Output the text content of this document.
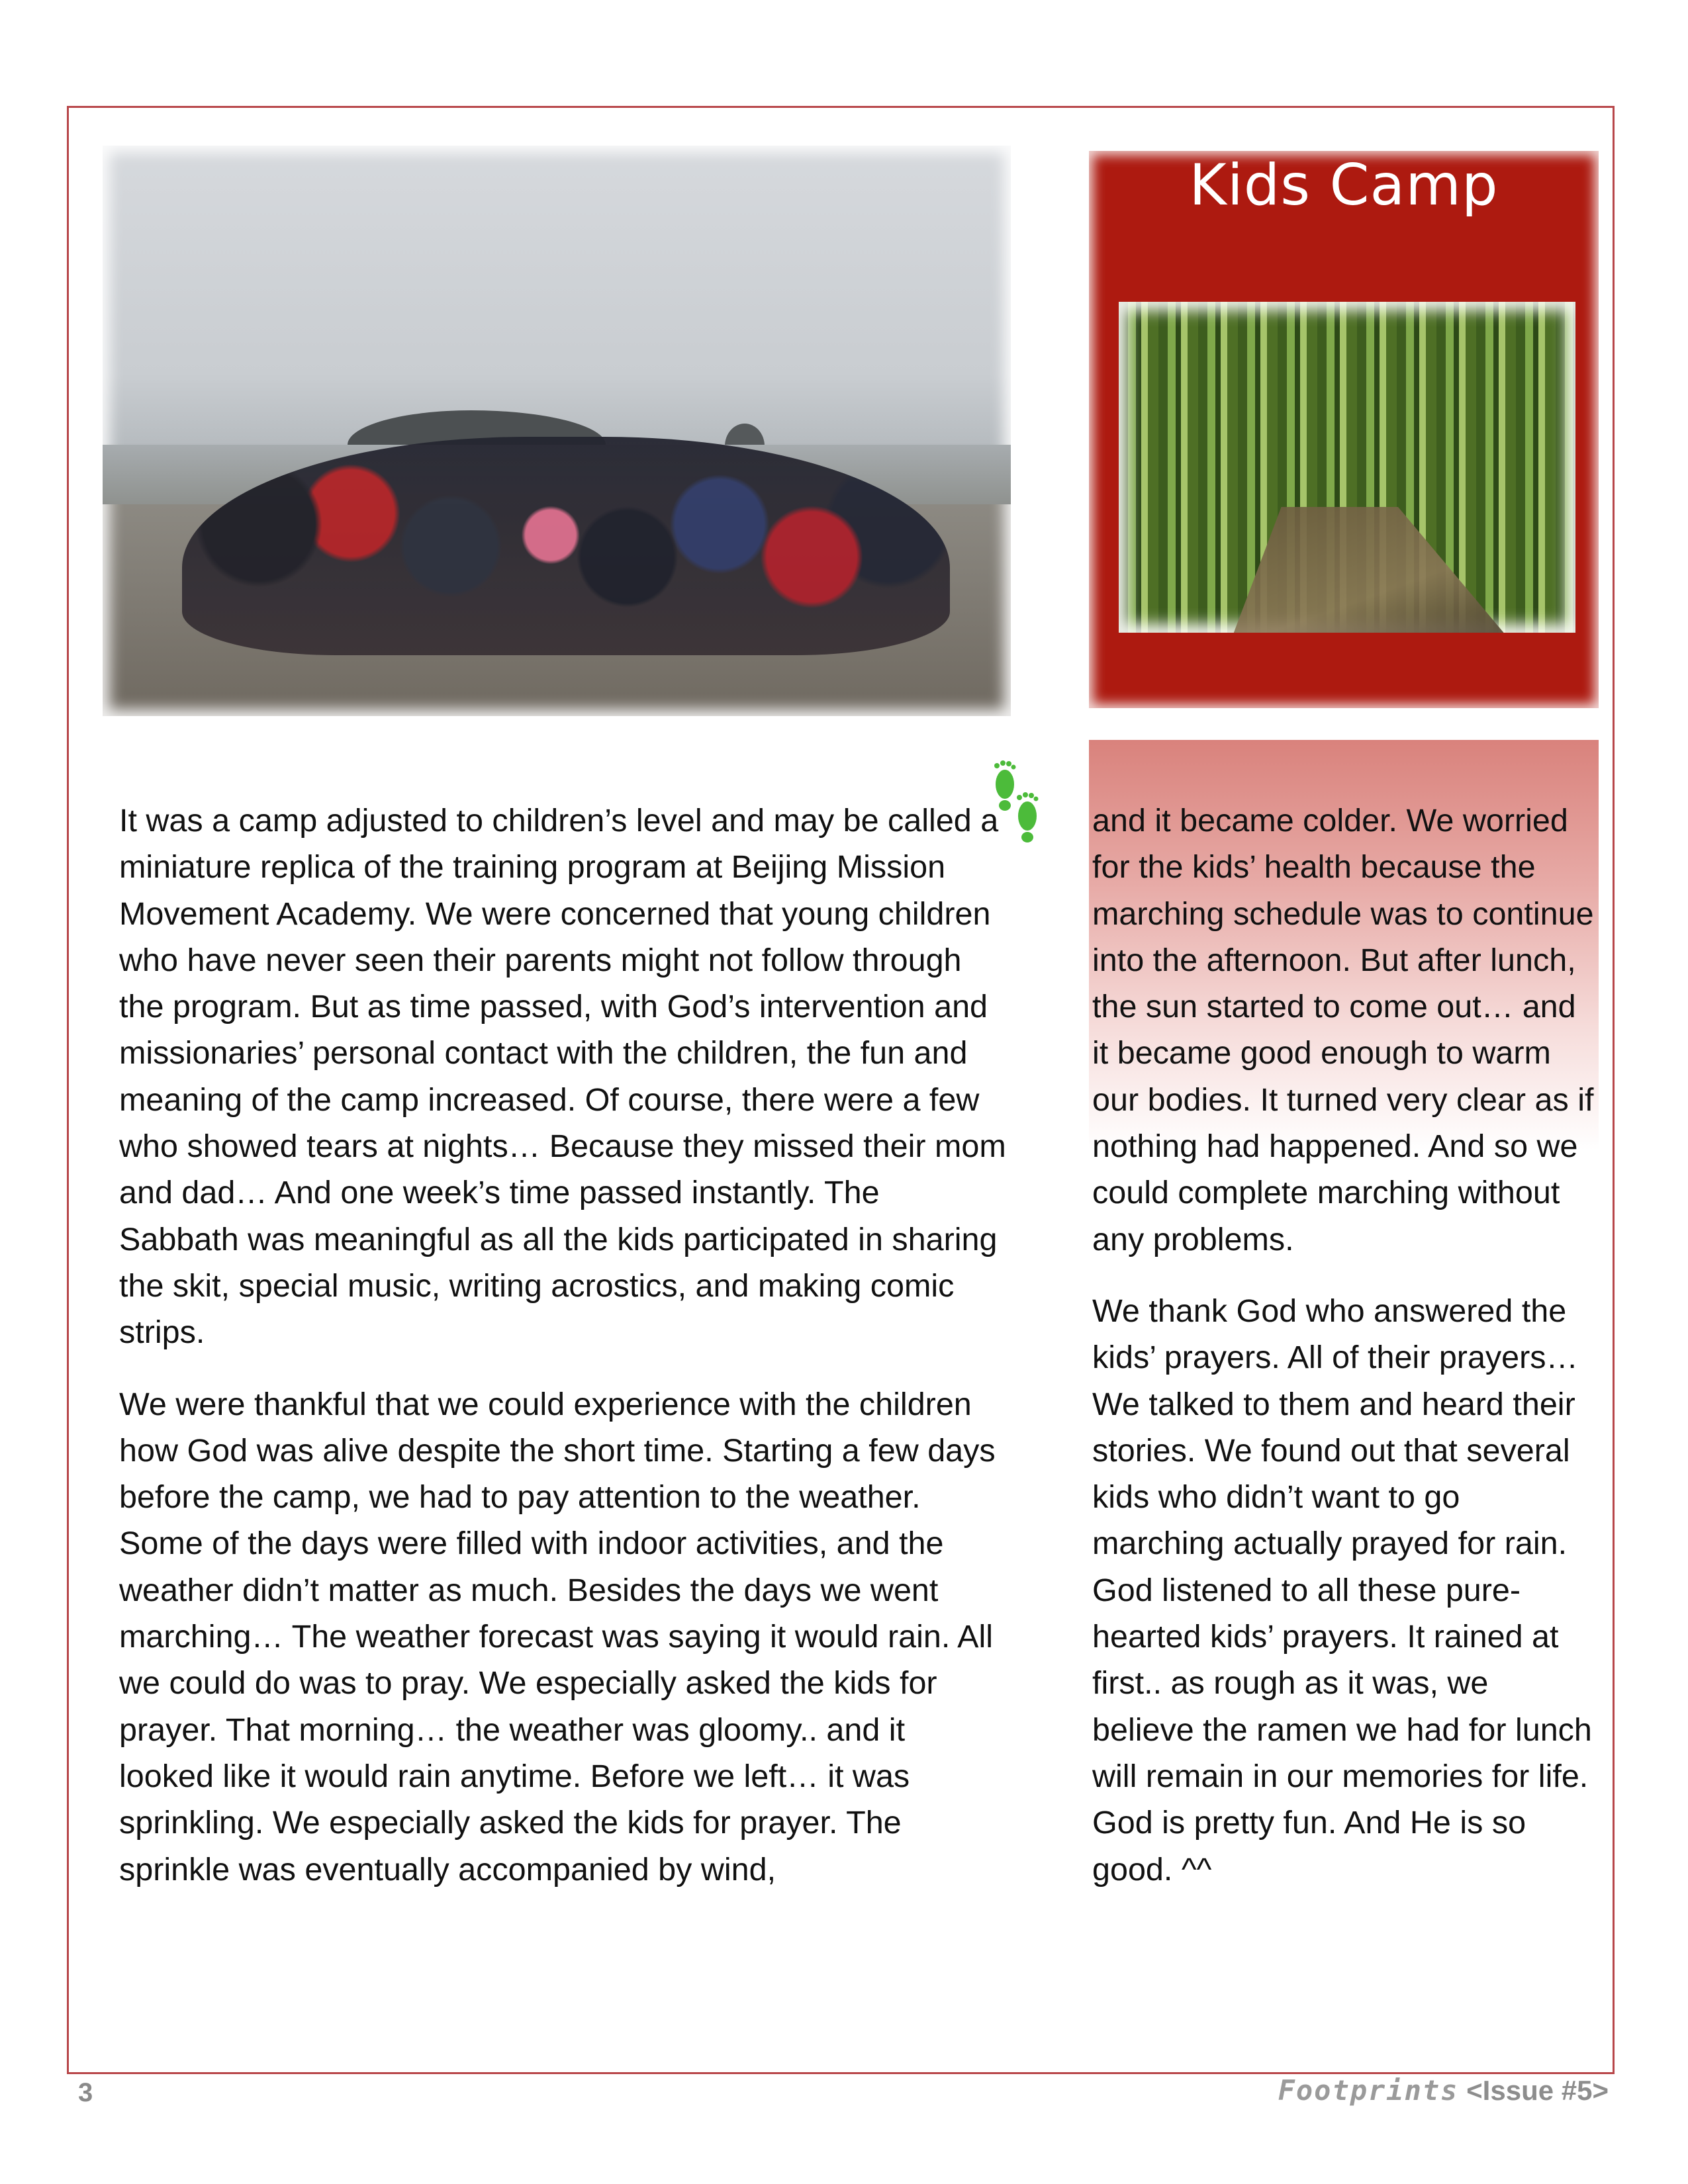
Kids Camp

It was a camp adjusted to children’s level and may be called a miniature replica of the training program at Beijing Mission Movement Academy. We were concerned that young children who have never seen their parents might not follow through the program. But as time passed, with God’s intervention and missionaries’ personal contact with the children, the fun and meaning of the camp increased. Of course, there were a few who showed tears at nights… Because they missed their mom and dad… And one week’s time passed instantly. The Sabbath was meaningful as all the kids participated in sharing the skit, special music, writing acrostics, and making comic strips.

We were thankful that we could experience with the children how God was alive despite the short time. Starting a few days before the camp, we had to pay attention to the weather. Some of the days were filled with indoor activities, and the weather didn’t matter as much. Besides the days we went marching… The weather forecast was saying it would rain. All we could do was to pray. We especially asked the kids for prayer. That morning… the weather was gloomy.. and it looked like it would rain anytime. Before we left… it was sprinkling. We especially asked the kids for prayer. The sprinkle was eventually accompanied by wind,

and it became colder. We worried for the kids’ health because the marching schedule was to continue into the afternoon. But after lunch, the sun started to come out… and it became good enough to warm our bodies. It turned very clear as if nothing had happened. And so we could complete marching without any problems.

We thank God who answered the kids’ prayers. All of their prayers… We talked to them and heard their stories. We found out that several kids who didn’t want to go marching actually prayed for rain. God listened to all these pure-hearted kids’ prayers. It rained at first.. as rough as it was, we believe the ramen we had for lunch will remain in our memories for life. God is pretty fun. And He is so good. ^^

3	Footprints <Issue #5>
